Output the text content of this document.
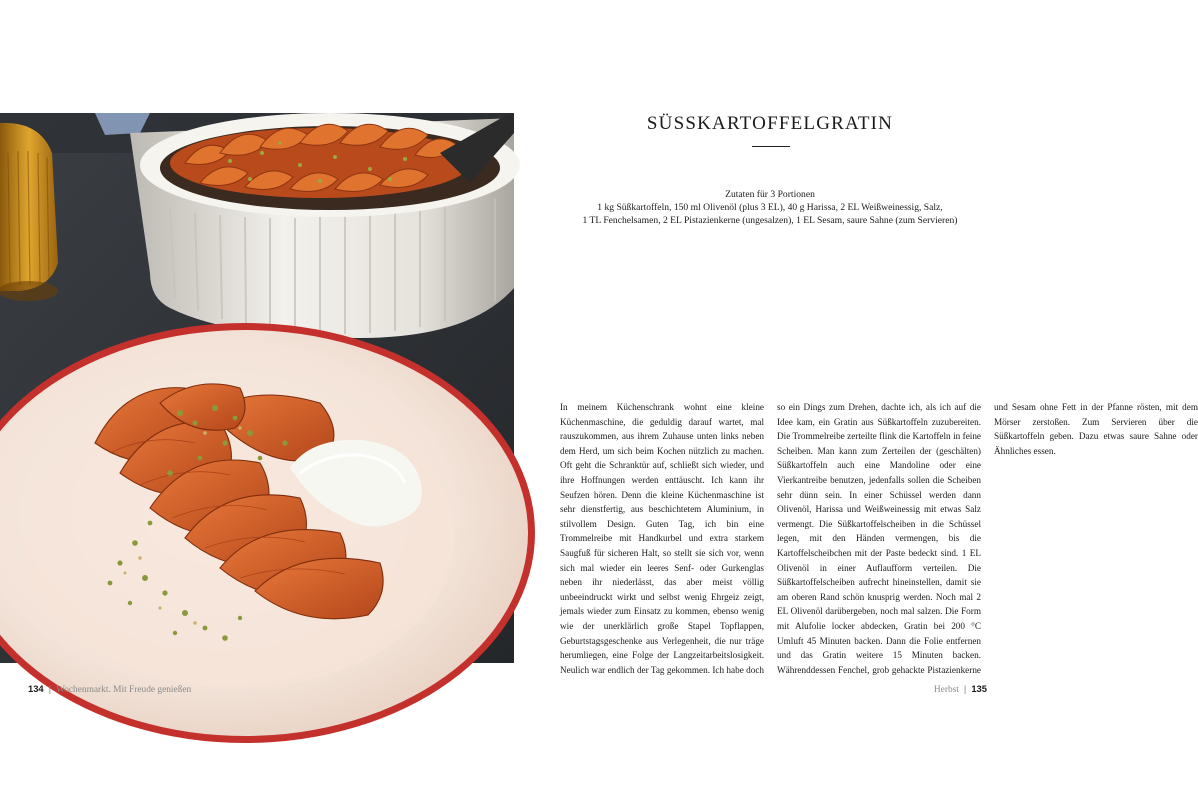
SÜSSKARTOFFELGRATIN
Zutaten für 3 Portionen
1 kg Süßkartoffeln, 150 ml Olivenöl (plus 3 EL), 40 g Harissa, 2 EL Weißweinessig, Salz,
1 TL Fenchelsamen, 2 EL Pistazienkerne (ungesalzen), 1 EL Sesam, saure Sahne (zum Servieren)

In meinem Küchenschrank wohnt eine kleine Küchenmaschine, die geduldig darauf wartet, mal rauszukommen, aus ihrem Zuhause unten links neben dem Herd, um sich beim Kochen nützlich zu machen. Oft geht die Schranktür auf, schließt sich wieder, und ihre Hoffnungen werden enttäuscht. Ich kann ihr Seufzen hören. Denn die kleine Küchenmaschine ist sehr dienstfertig, aus beschichtetem Aluminium, in stilvollem Design. Guten Tag, ich bin eine Trommelreibe mit Handkurbel und extra starkem Saugfuß für sicheren Halt, so stellt sie sich vor, wenn sich mal wieder ein leeres Senf- oder Gurkenglas neben ihr niederlässt, das aber meist völlig unbeeindruckt wirkt und selbst wenig Ehrgeiz zeigt, jemals wieder zum Einsatz zu kommen, ebenso wenig wie der unerklärlich große Stapel Topflappen, Geburtstagsgeschenke aus Verlegenheit, die nur träge herumliegen, eine Folge der Langzeitarbeitslosigkeit. Neulich war endlich der Tag gekommen. Ich habe doch so ein Dings zum Drehen, dachte ich, als ich auf die Idee kam, ein Gratin aus Süßkartoffeln zuzubereiten. Die Trommelreibe zerteilte flink die Kartoffeln in feine Scheiben. Man kann zum Zerteilen der (geschälten) Süßkartoffeln auch eine Mandoline oder eine Vierkantreibe benutzen, jedenfalls sollen die Scheiben sehr dünn sein. In einer Schüssel werden dann Olivenöl, Harissa und Weißweinessig mit etwas Salz vermengt. Die Süßkartoffelscheiben in die Schüssel legen, mit den Händen vermengen, bis die Kartoffelscheibchen mit der Paste bedeckt sind. 1 EL Olivenöl in einer Auflaufform verteilen. Die Süßkartoffelscheiben aufrecht hineinstellen, damit sie am oberen Rand schön knusprig werden. Noch mal 2 EL Olivenöl darübergeben, noch mal salzen. Die Form mit Alufolie locker abdecken, Gratin bei 200 °C Umluft 45 Minuten backen. Dann die Folie entfernen und das Gratin weitere 15 Minuten backen. Währenddessen Fenchel, grob gehackte Pistazienkerne und Sesam ohne Fett in der Pfanne rösten, mit dem Mörser zerstoßen. Zum Servieren über die Süßkartoffeln geben. Dazu etwas saure Sahne oder Ähnliches essen.

134 | Wochenmarkt. Mit Freude genießen	Herbst | 135
